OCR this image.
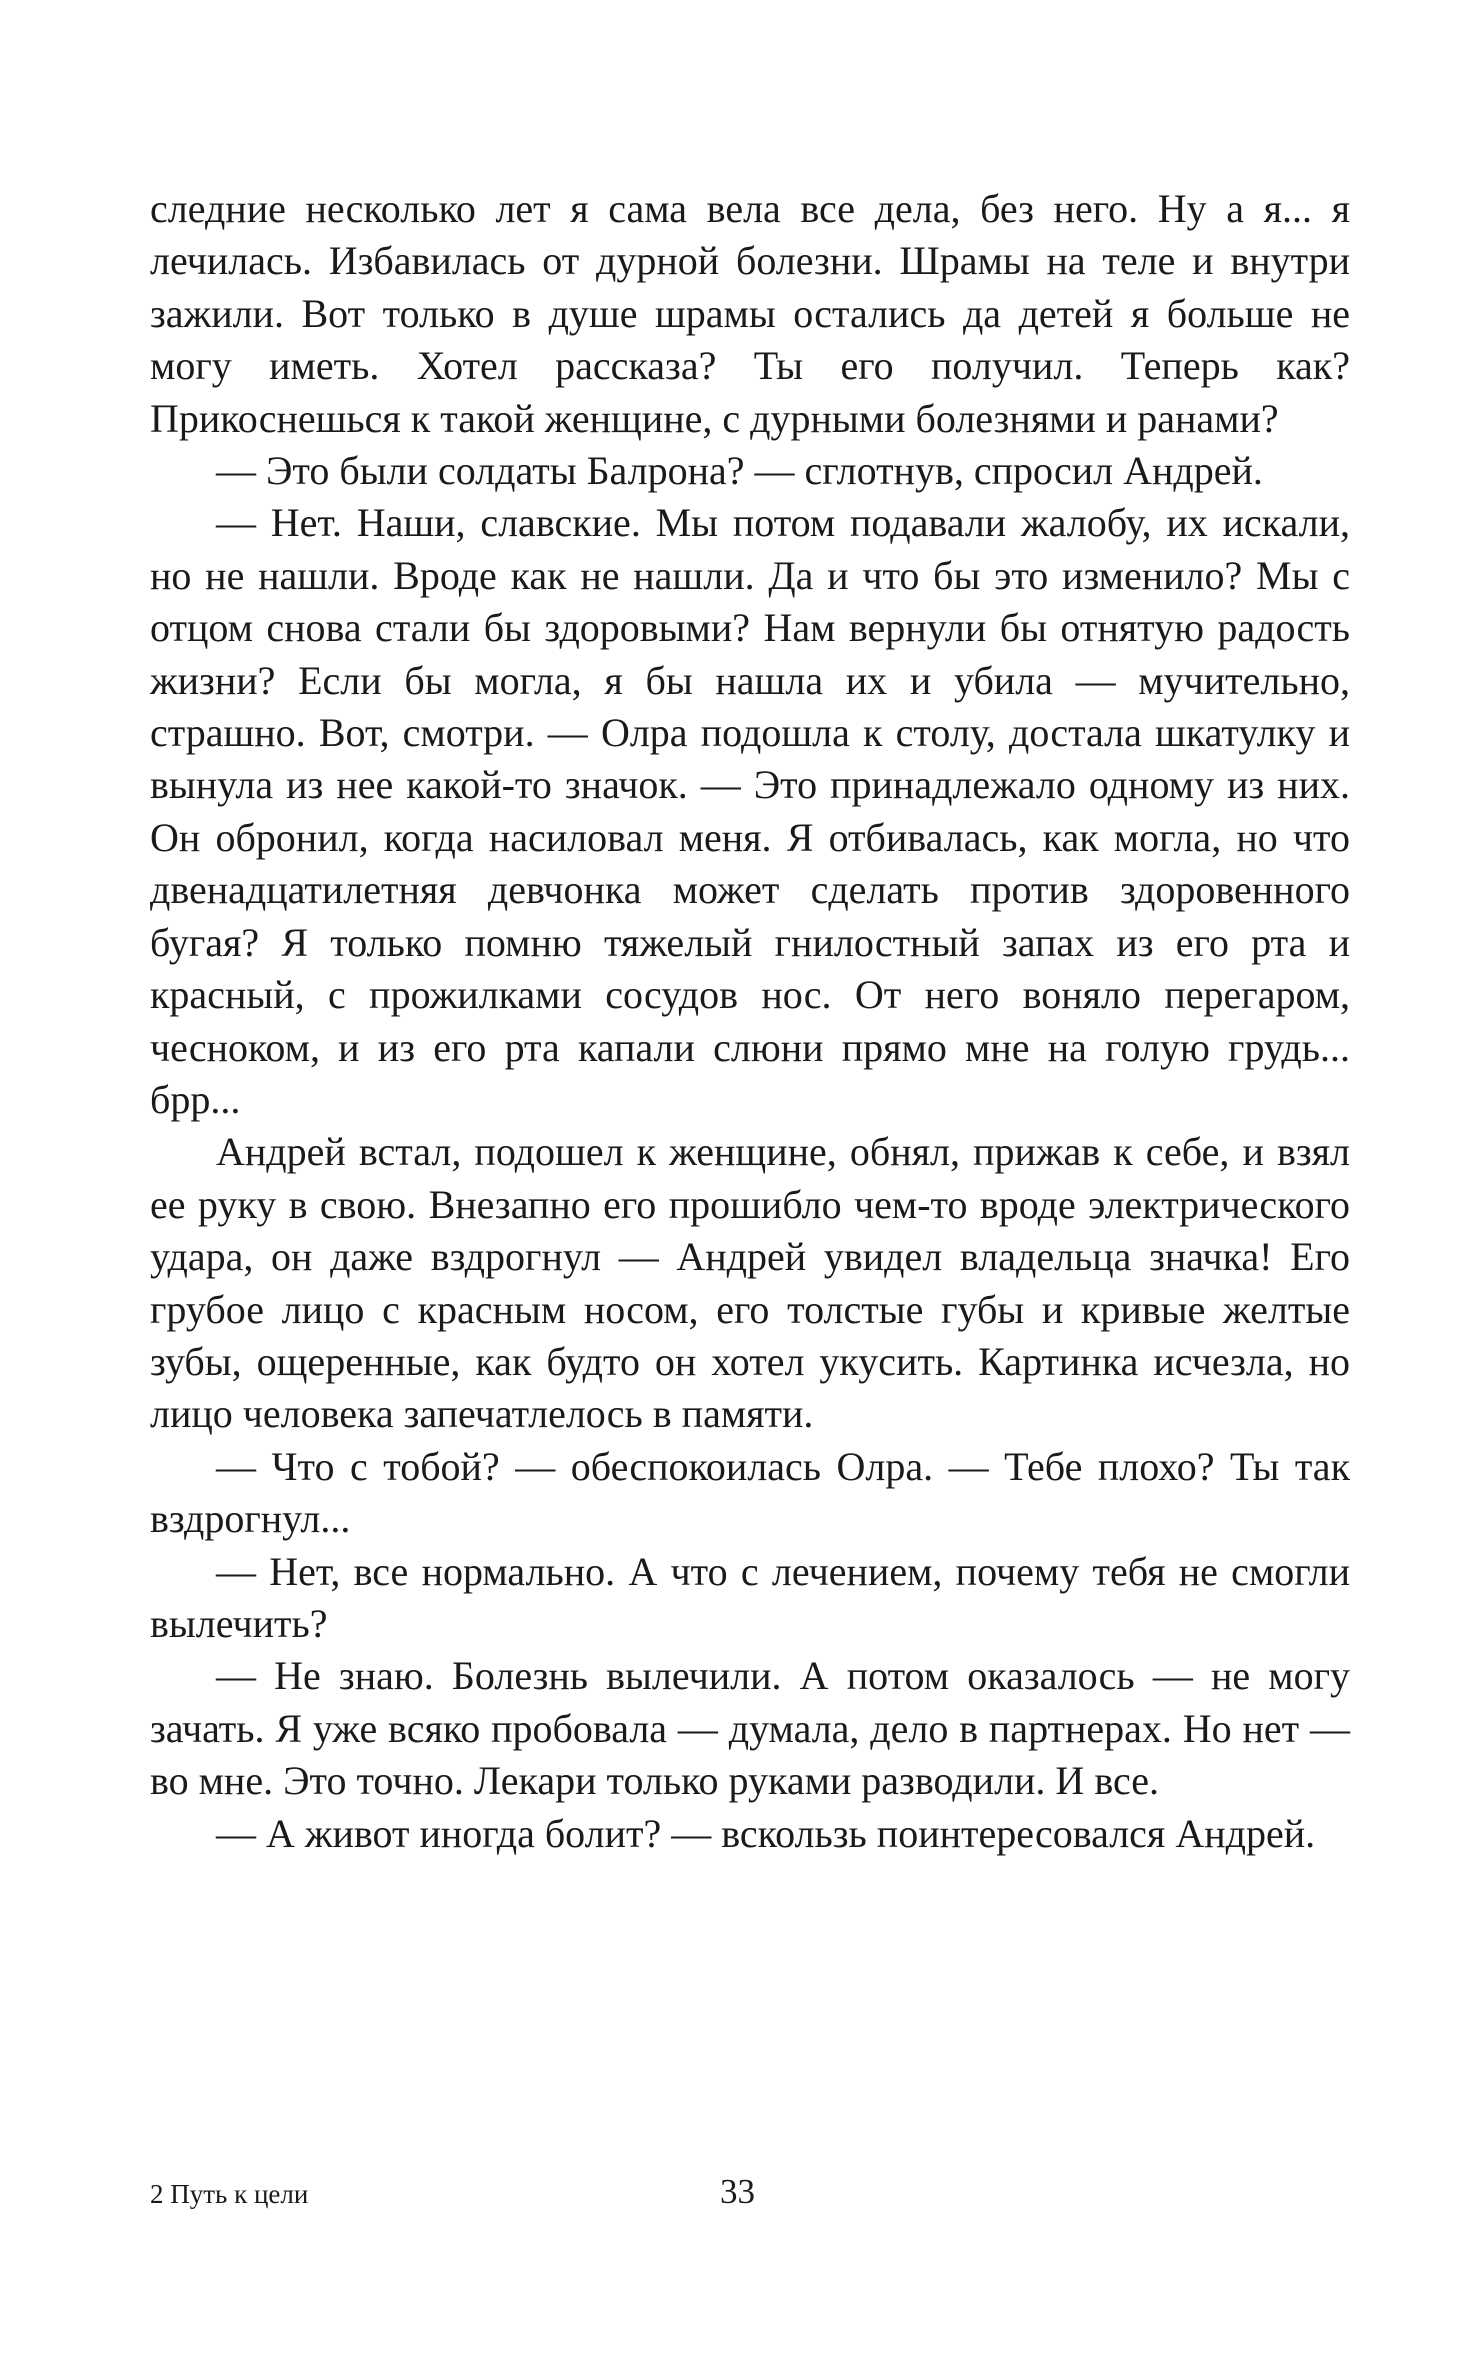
следние несколько лет я сама вела все дела, без него. Ну а я... я лечилась. Избавилась от дурной болезни. Шрамы на теле и внутри зажили. Вот только в душе шрамы остались да детей я больше не могу иметь. Хотел рассказа? Ты его получил. Теперь как? Прикоснешься к такой женщине, с дурными болезнями и ранами?

— Это были солдаты Балрона? — сглотнув, спросил Андрей.

— Нет. Наши, славские. Мы потом подавали жалобу, их искали, но не нашли. Вроде как не нашли. Да и что бы это изменило? Мы с отцом снова стали бы здоровыми? Нам вернули бы отнятую радость жизни? Если бы могла, я бы нашла их и убила — мучительно, страшно. Вот, смотри. — Олра подошла к столу, достала шкатулку и вынула из нее какой-то значок. — Это принадлежало одному из них. Он обронил, когда насиловал меня. Я отбивалась, как могла, но что двенадцатилетняя девчонка может сделать против здоровенного бугая? Я только помню тяжелый гнилостный запах из его рта и красный, с прожилками сосудов нос. От него воняло перегаром, чесноком, и из его рта капали слюни прямо мне на голую грудь... брр...

Андрей встал, подошел к женщине, обнял, прижав к себе, и взял ее руку в свою. Внезапно его прошибло чем-то вроде электрического удара, он даже вздрогнул — Андрей увидел владельца значка! Его грубое лицо с красным носом, его толстые губы и кривые желтые зубы, ощеренные, как будто он хотел укусить. Картинка исчезла, но лицо человека запечатлелось в памяти.

— Что с тобой? — обеспокоилась Олра. — Тебе плохо? Ты так вздрогнул...

— Нет, все нормально. А что с лечением, почему тебя не смогли вылечить?

— Не знаю. Болезнь вылечили. А потом оказалось — не могу зачать. Я уже всяко пробовала — думала, дело в партнерах. Но нет — во мне. Это точно. Лекари только руками разводили. И все.

— А живот иногда болит? — вскользь поинтересовался Андрей.

2 Путь к цели	33
